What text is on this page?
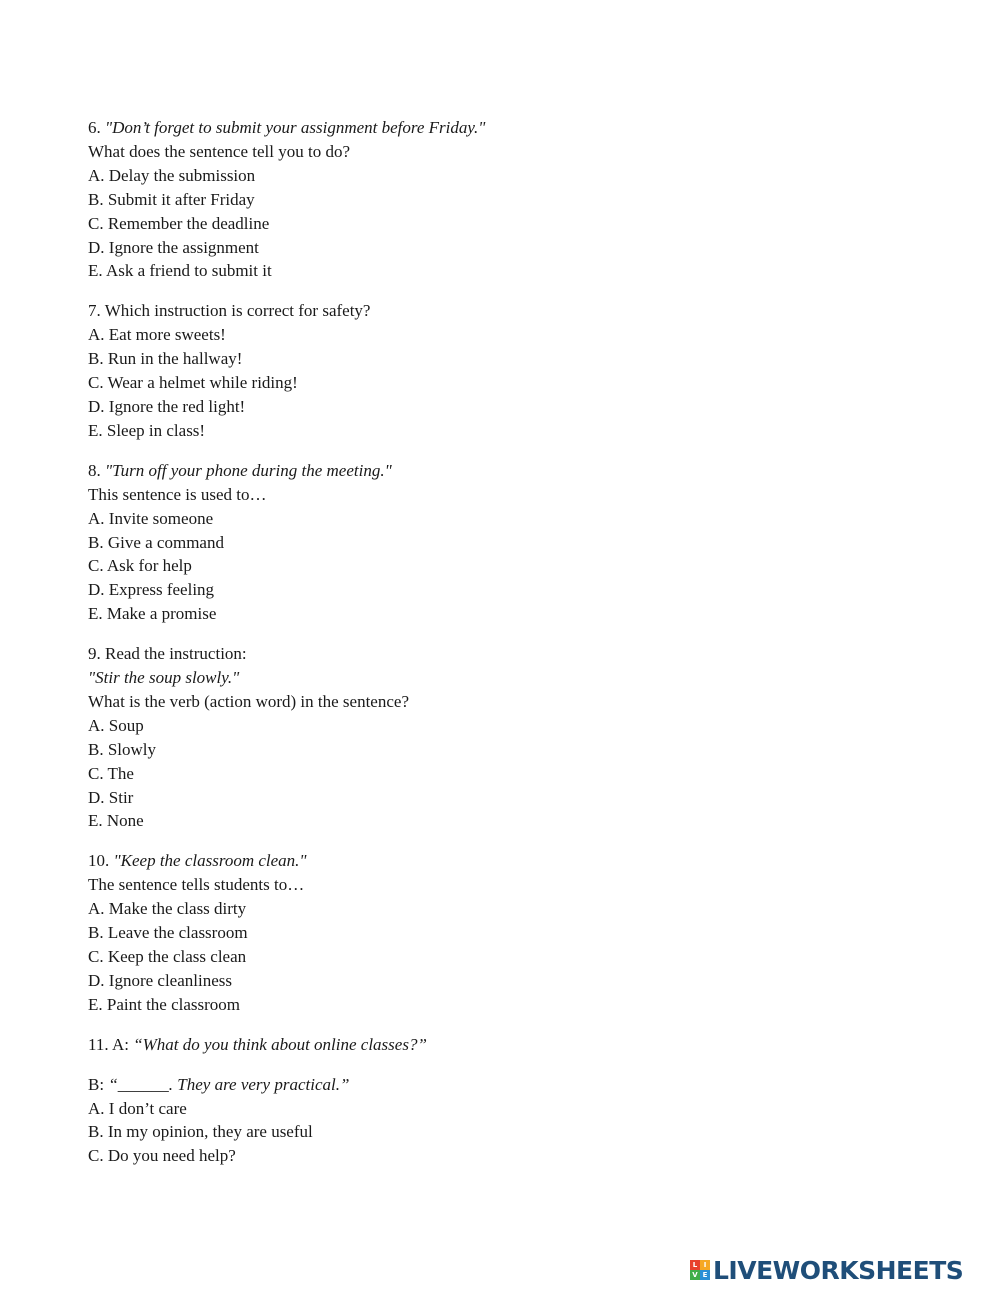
6. "Don’t forget to submit your assignment before Friday."
What does the sentence tell you to do?
A. Delay the submission
B. Submit it after Friday
C. Remember the deadline
D. Ignore the assignment
E. Ask a friend to submit it
7. Which instruction is correct for safety?
A. Eat more sweets!
B. Run in the hallway!
C. Wear a helmet while riding!
D. Ignore the red light!
E. Sleep in class!
8. "Turn off your phone during the meeting."
This sentence is used to…
A. Invite someone
B. Give a command
C. Ask for help
D. Express feeling
E. Make a promise
9. Read the instruction:
"Stir the soup slowly."
What is the verb (action word) in the sentence?
A. Soup
B. Slowly
C. The
D. Stir
E. None
10. "Keep the classroom clean."
The sentence tells students to…
A. Make the class dirty
B. Leave the classroom
C. Keep the class clean
D. Ignore cleanliness
E. Paint the classroom
11. A: “What do you think about online classes?”
B: “______. They are very practical.”
A. I don’t care
B. In my opinion, they are useful
C. Do you need help?
L I
V E LIVEWORKSHEETS
